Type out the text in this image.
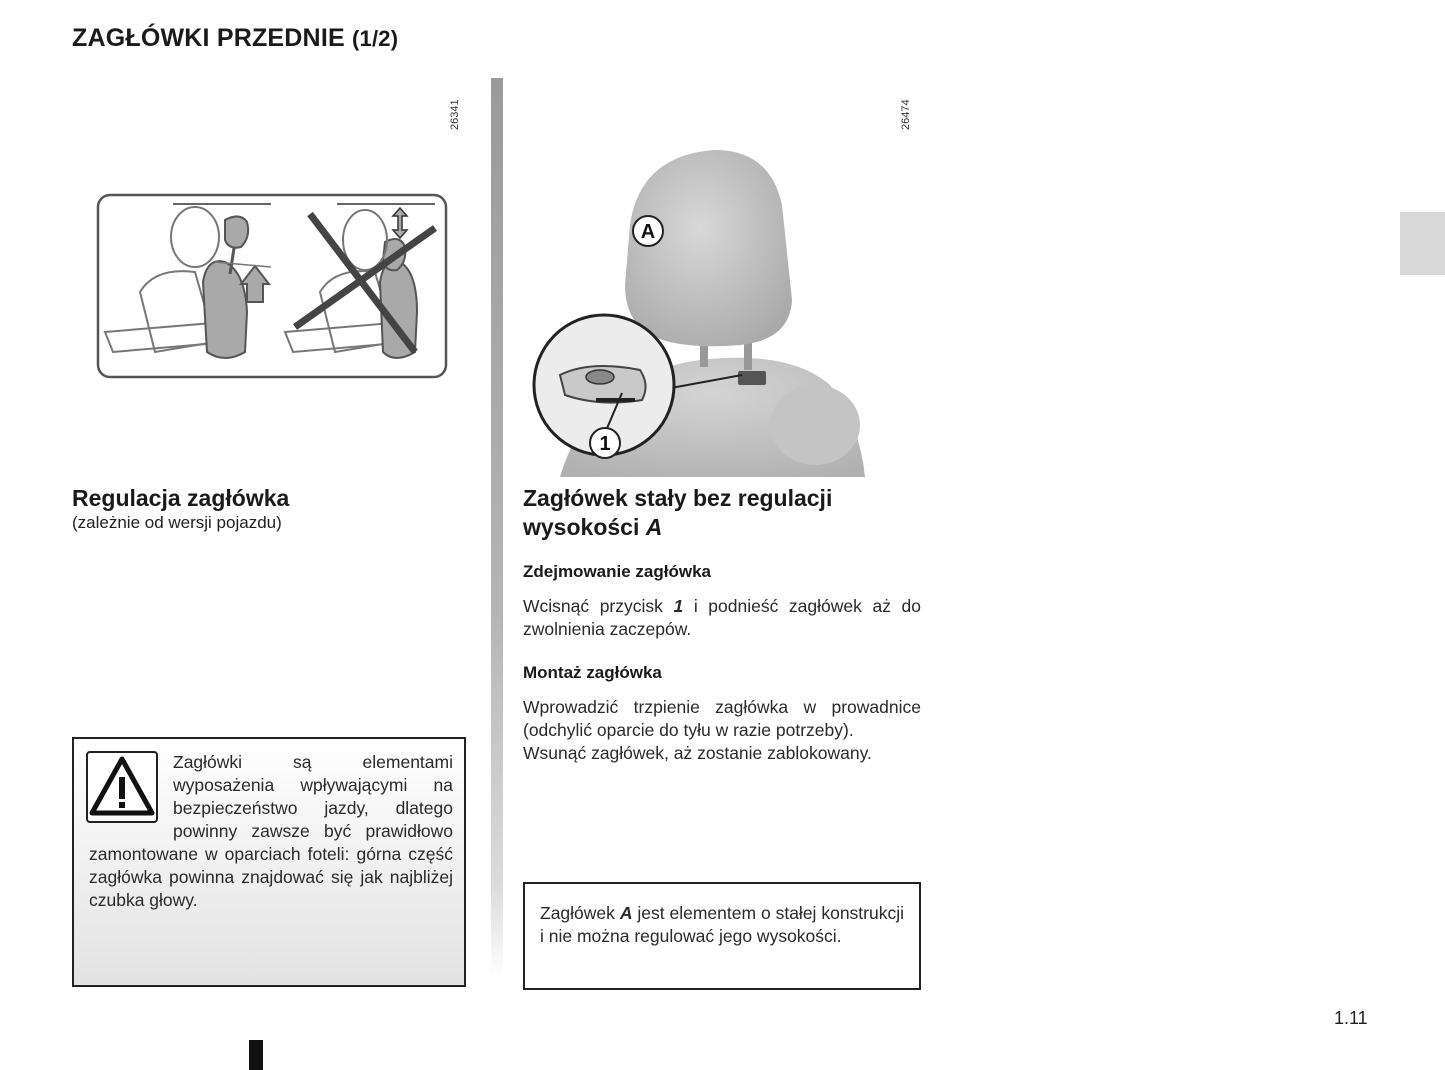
ZAGŁÓWKI PRZEDNIE (1/2)
26341
Regulacja zagłówka
(zależnie od wersji pojazdu)
Zagłówki są elementami wyposażenia wpływającymi na bezpieczeństwo jazdy, dlatego powinny zawsze być prawidłowo zamontowane w oparciach foteli: górna część zagłówka powinna znajdować się jak najbliżej czubka głowy.
26474
A
1
Zagłówek stały bez regulacji
wysokości A
Zdejmowanie zagłówka
Wcisnąć przycisk 1 i podnieść zagłówek aż do zwolnienia zaczepów.
Montaż zagłówka
Wprowadzić trzpienie zagłówka w prowadnice (odchylić oparcie do tyłu w razie potrzeby).
Wsunąć zagłówek, aż zostanie zablokowany.
Zagłówek A jest elementem o stałej konstrukcji i nie można regulować jego wysokości.
1.11
